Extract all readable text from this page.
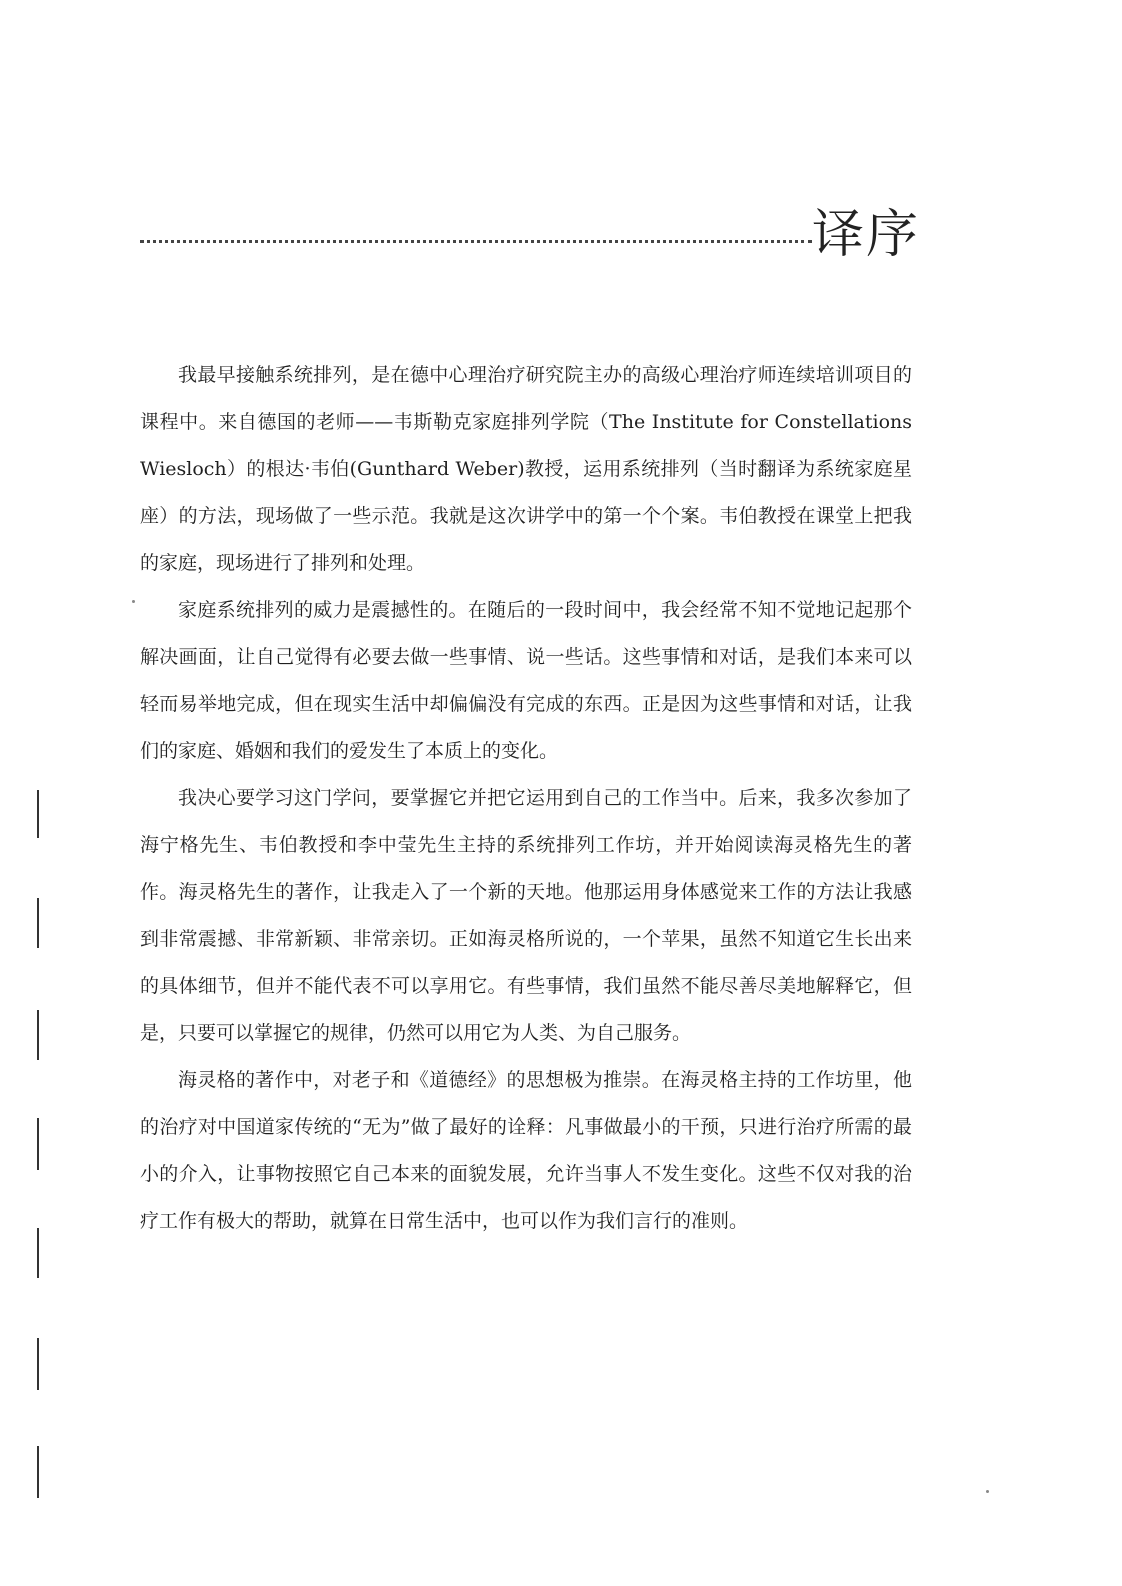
译序

我最早接触系统排列，是在德中心理治疗研究院主办的高级心理治疗师连续培训项目的课程中。来自德国的老师——韦斯勒克家庭排列学院（The Institute for Constellations Wiesloch）的根达·韦伯(Gunthard Weber)教授，运用系统排列（当时翻译为系统家庭星座）的方法，现场做了一些示范。我就是这次讲学中的第一个个案。韦伯教授在课堂上把我的家庭，现场进行了排列和处理。

家庭系统排列的威力是震撼性的。在随后的一段时间中，我会经常不知不觉地记起那个解决画面，让自己觉得有必要去做一些事情、说一些话。这些事情和对话，是我们本来可以轻而易举地完成，但在现实生活中却偏偏没有完成的东西。正是因为这些事情和对话，让我们的家庭、婚姻和我们的爱发生了本质上的变化。

我决心要学习这门学问，要掌握它并把它运用到自己的工作当中。后来，我多次参加了海宁格先生、韦伯教授和李中莹先生主持的系统排列工作坊，并开始阅读海灵格先生的著作。海灵格先生的著作，让我走入了一个新的天地。他那运用身体感觉来工作的方法让我感到非常震撼、非常新颖、非常亲切。正如海灵格所说的，一个苹果，虽然不知道它生长出来的具体细节，但并不能代表不可以享用它。有些事情，我们虽然不能尽善尽美地解释它，但是，只要可以掌握它的规律，仍然可以用它为人类、为自己服务。

海灵格的著作中，对老子和《道德经》的思想极为推崇。在海灵格主持的工作坊里，他的治疗对中国道家传统的“无为”做了最好的诠释：凡事做最小的干预，只进行治疗所需的最小的介入，让事物按照它自己本来的面貌发展，允许当事人不发生变化。这些不仅对我的治疗工作有极大的帮助，就算在日常生活中，也可以作为我们言行的准则。
